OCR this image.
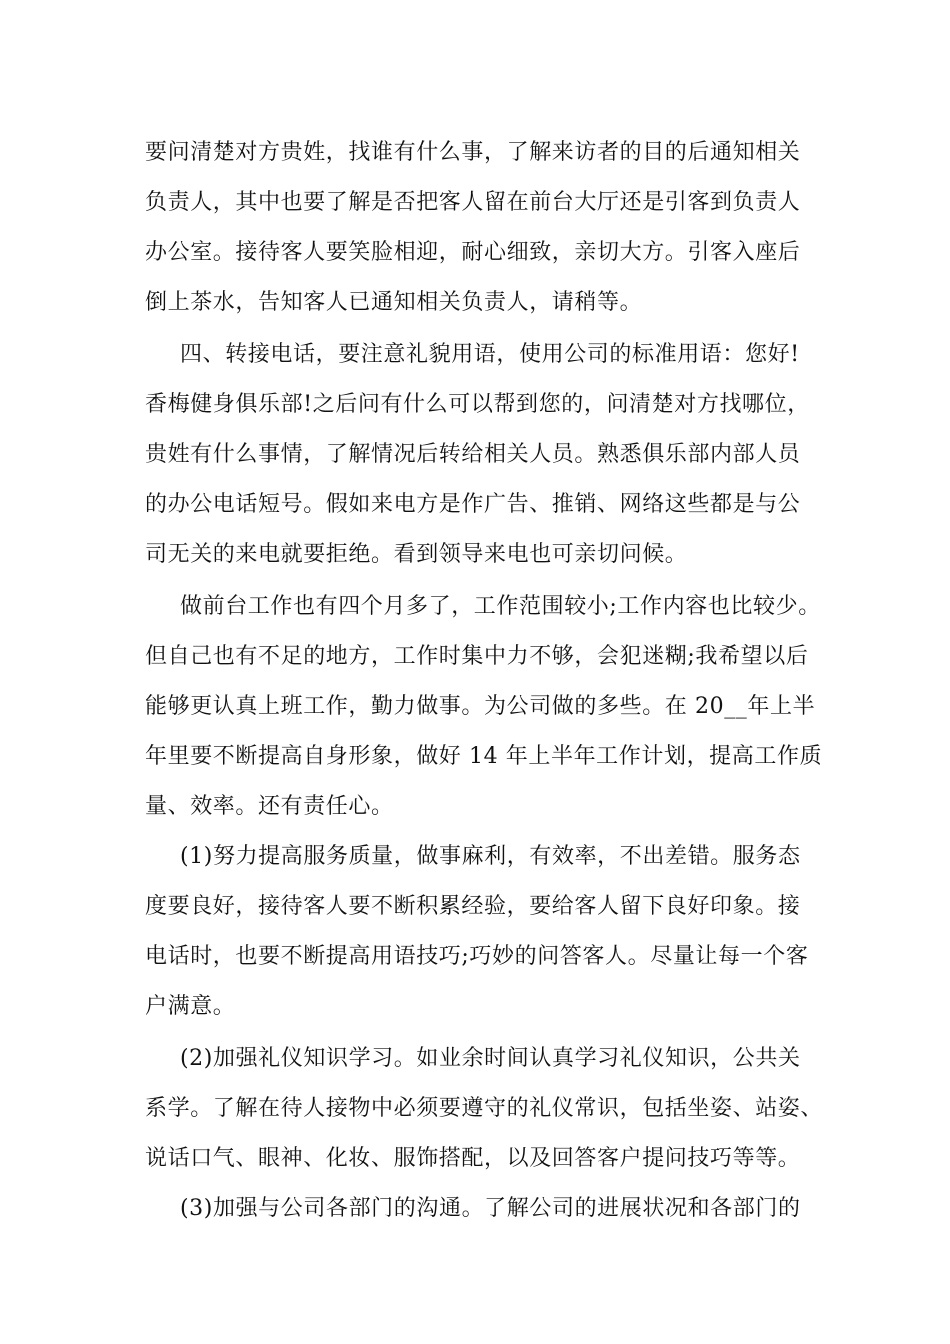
要问清楚对方贵姓，找谁有什么事，了解来访者的目的后通知相关
负责人，其中也要了解是否把客人留在前台大厅还是引客到负责人
办公室。接待客人要笑脸相迎，耐心细致，亲切大方。引客入座后
倒上茶水，告知客人已通知相关负责人，请稍等。
四、转接电话，要注意礼貌用语，使用公司的标准用语：您好!
香梅健身俱乐部!之后问有什么可以帮到您的，问清楚对方找哪位，
贵姓有什么事情，了解情况后转给相关人员。熟悉俱乐部内部人员
的办公电话短号。假如来电方是作广告、推销、网络这些都是与公
司无关的来电就要拒绝。看到领导来电也可亲切问候。
做前台工作也有四个月多了，工作范围较小;工作内容也比较少。
但自己也有不足的地方，工作时集中力不够，会犯迷糊;我希望以后
能够更认真上班工作，勤力做事。为公司做的多些。在 20__年上半
年里要不断提高自身形象，做好 14 年上半年工作计划，提高工作质
量、效率。还有责任心。
(1)努力提高服务质量，做事麻利，有效率，不出差错。服务态
度要良好，接待客人要不断积累经验，要给客人留下良好印象。接
电话时，也要不断提高用语技巧;巧妙的问答客人。尽量让每一个客
户满意。
(2)加强礼仪知识学习。如业余时间认真学习礼仪知识，公共关
系学。了解在待人接物中必须要遵守的礼仪常识，包括坐姿、站姿、
说话口气、眼神、化妆、服饰搭配，以及回答客户提问技巧等等。
(3)加强与公司各部门的沟通。了解公司的进展状况和各部门的
